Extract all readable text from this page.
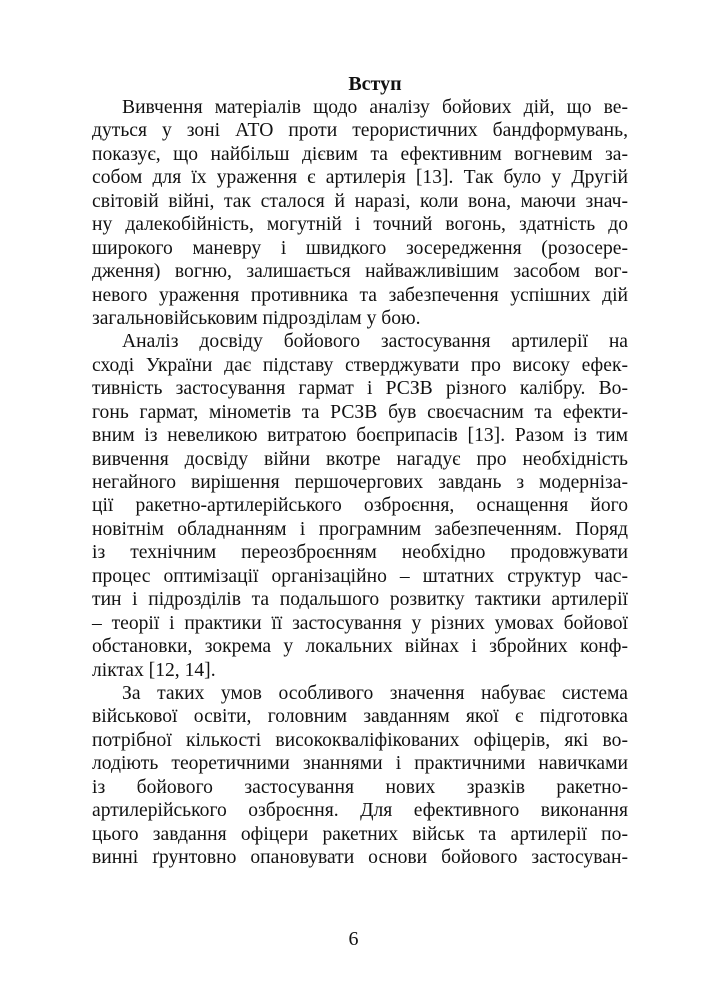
Вступ
Вивчення матеріалів щодо аналізу бойових дій, що ве-
дуться у зоні АТО проти терористичних бандформувань,
показує, що найбільш дієвим та ефективним вогневим за-
собом для їх ураження є артилерія [13]. Так було у Другій
світовій війні, так сталося й наразі, коли вона, маючи знач-
ну далекобійність, могутній і точний вогонь, здатність до
широкого маневру і швидкого зосередження (розосере-
дження) вогню, залишається найважливішим засобом вог-
невого ураження противника та забезпечення успішних дій
загальновійськовим підрозділам у бою.
Аналіз досвіду бойового застосування артилерії на
сході України дає підставу стверджувати про високу ефек-
тивність застосування гармат і РСЗВ різного калібру. Во-
гонь гармат, мінометів та РСЗВ був своєчасним та ефекти-
вним із невеликою витратою боєприпасів [13]. Разом із тим
вивчення досвіду війни вкотре нагадує про необхідність
негайного вирішення першочергових завдань з модерніза-
ції ракетно-артилерійського озброєння, оснащення його
новітнім обладнанням і програмним забезпеченням. Поряд
із технічним переозброєнням необхідно продовжувати
процес оптимізації організаційно – штатних структур час-
тин і підрозділів та подальшого розвитку тактики артилерії
– теорії і практики її застосування у різних умовах бойової
обстановки, зокрема у локальних війнах і збройних конф-
ліктах [12, 14].
За таких умов особливого значення набуває система
військової освіти, головним завданням якої є підготовка
потрібної кількості висококваліфікованих офіцерів, які во-
лодіють теоретичними знаннями і практичними навичками
із бойового застосування нових зразків ракетно-
артилерійського озброєння. Для ефективного виконання
цього завдання офіцери ракетних військ та артилерії по-
винні ґрунтовно опановувати основи бойового застосуван-
6
